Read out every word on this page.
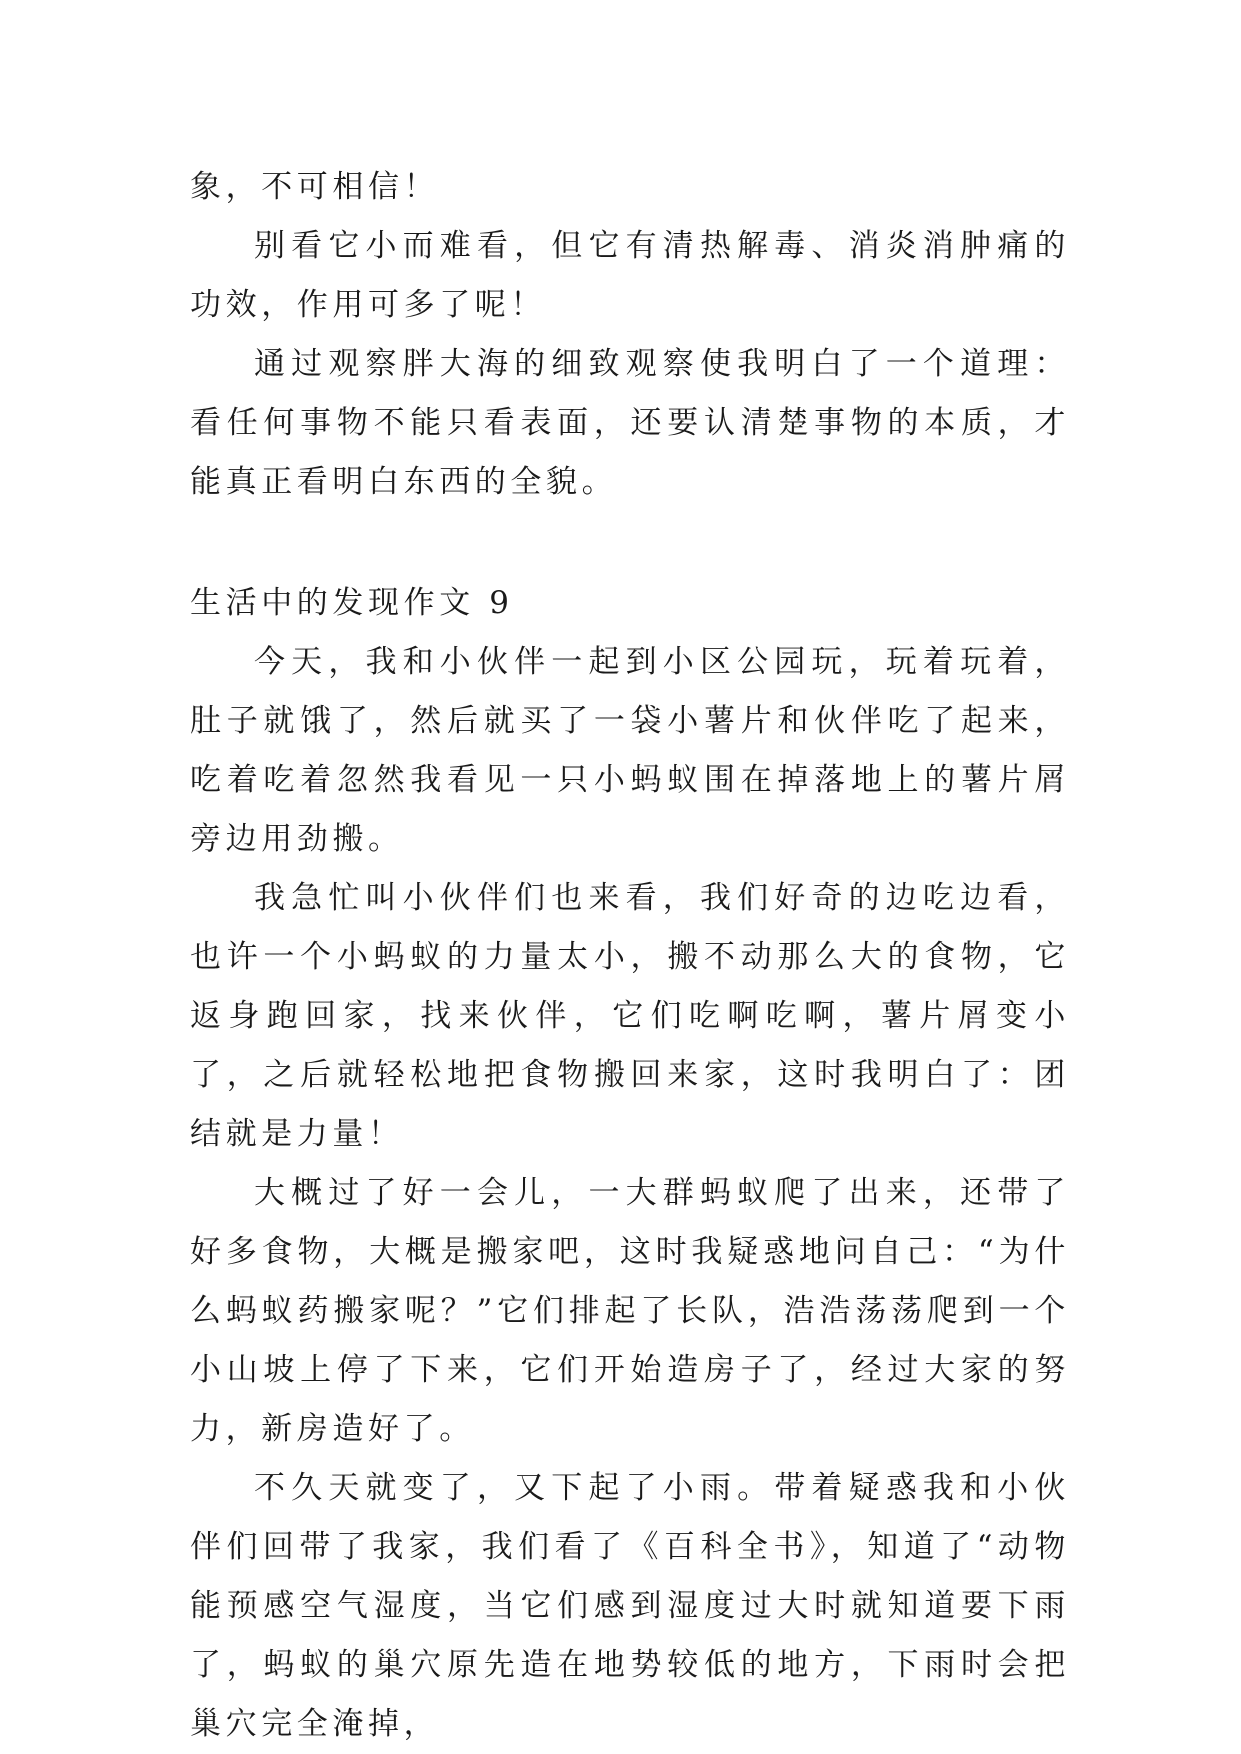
象，不可相信！

别看它小而难看，但它有清热解毒、消炎消肿痛的功效，作用可多了呢！

通过观察胖大海的细致观察使我明白了一个道理：看任何事物不能只看表面，还要认清楚事物的本质，才能真正看明白东西的全貌。

生活中的发现作文 9

今天，我和小伙伴一起到小区公园玩，玩着玩着，肚子就饿了，然后就买了一袋小薯片和伙伴吃了起来，吃着吃着忽然我看见一只小蚂蚁围在掉落地上的薯片屑旁边用劲搬。

我急忙叫小伙伴们也来看，我们好奇的边吃边看，也许一个小蚂蚁的力量太小，搬不动那么大的食物，它返身跑回家，找来伙伴，它们吃啊吃啊，薯片屑变小了，之后就轻松地把食物搬回来家，这时我明白了：团结就是力量！

大概过了好一会儿，一大群蚂蚁爬了出来，还带了好多食物，大概是搬家吧，这时我疑惑地问自己：“为什么蚂蚁药搬家呢？”它们排起了长队，浩浩荡荡爬到一个小山坡上停了下来，它们开始造房子了，经过大家的努力，新房造好了。

不久天就变了，又下起了小雨。带着疑惑我和小伙伴们回带了我家，我们看了《百科全书》，知道了“动物能预感空气湿度，当它们感到湿度过大时就知道要下雨了，蚂蚁的巢穴原先造在地势较低的地方，下雨时会把巢穴完全淹掉，
